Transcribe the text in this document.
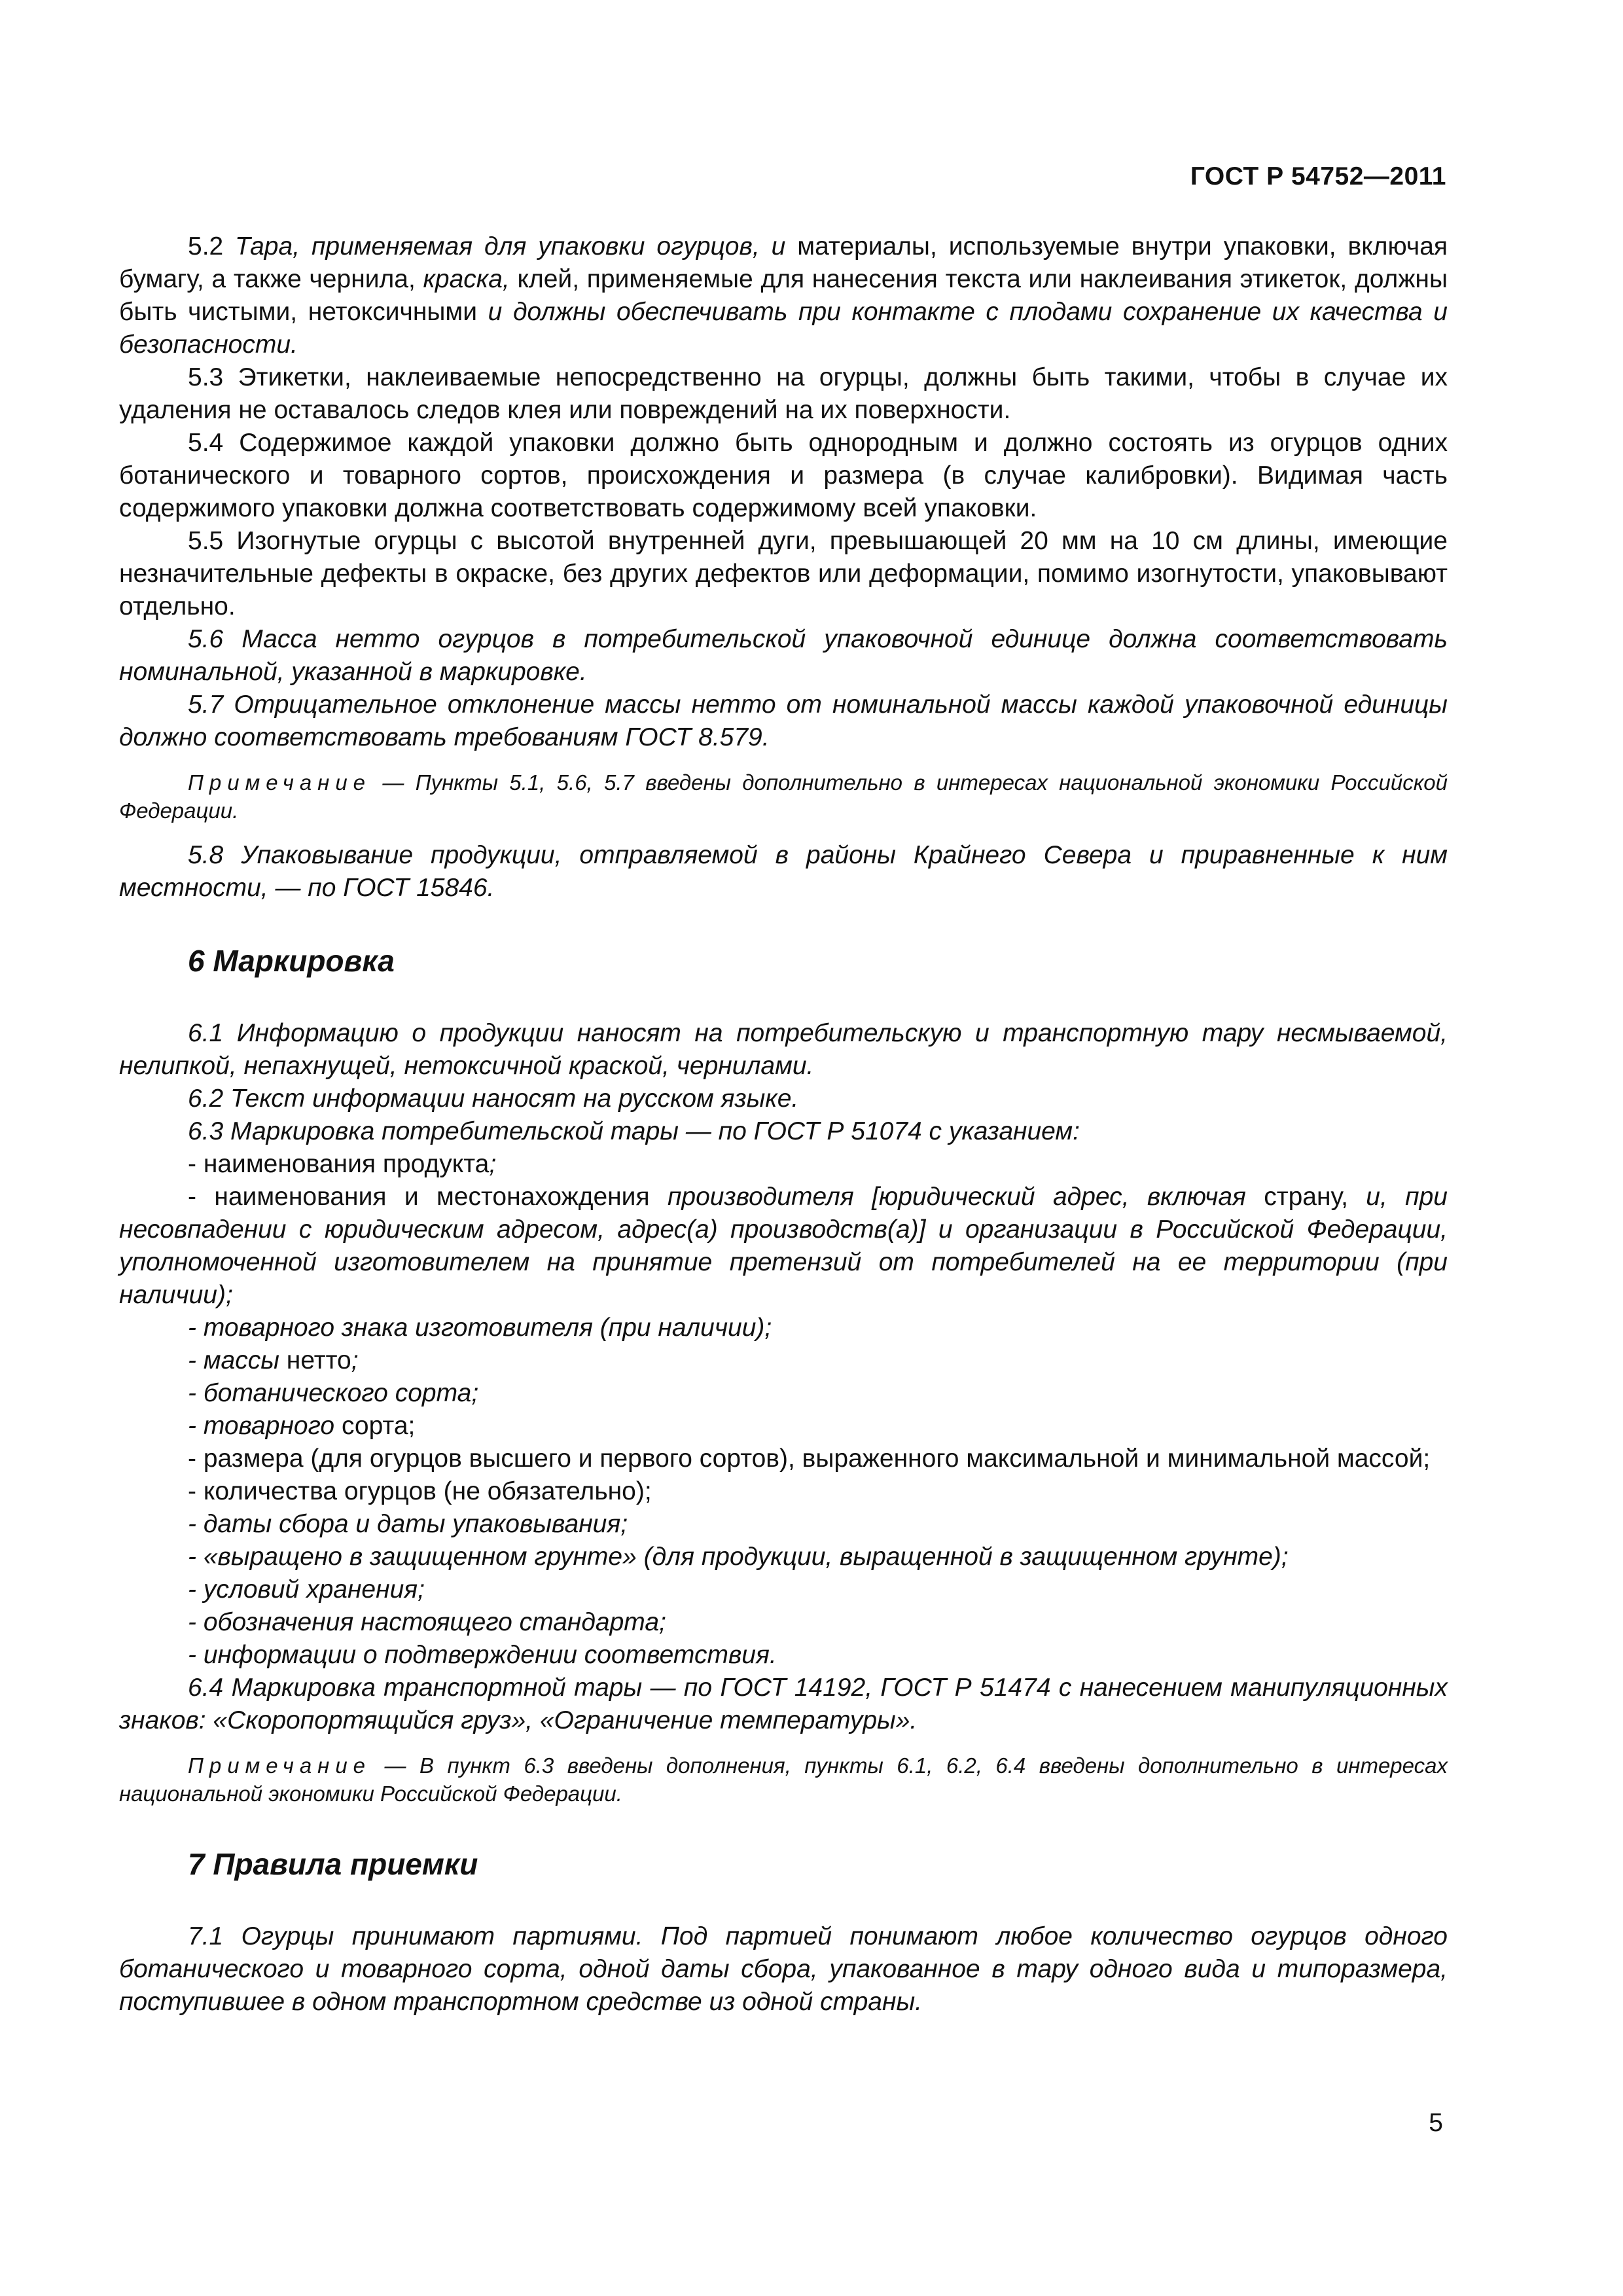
ГОСТ Р 54752—2011

5.2 Тара, применяемая для упаковки огурцов, и материалы, используемые внутри упаковки, включая бумагу, а также чернила, краска, клей, применяемые для нанесения текста или наклеивания этикеток, должны быть чистыми, нетоксичными и должны обеспечивать при контакте с плодами сохранение их качества и безопасности.

5.3 Этикетки, наклеиваемые непосредственно на огурцы, должны быть такими, чтобы в случае их удаления не оставалось следов клея или повреждений на их поверхности.

5.4 Содержимое каждой упаковки должно быть однородным и должно состоять из огурцов одних ботанического и товарного сортов, происхождения и размера (в случае калибровки). Видимая часть содержимого упаковки должна соответствовать содержимому всей упаковки.

5.5 Изогнутые огурцы с высотой внутренней дуги, превышающей 20 мм на 10 см длины, имеющие незначительные дефекты в окраске, без других дефектов или деформации, помимо изогнутости, упаковывают отдельно.

5.6 Масса нетто огурцов в потребительской упаковочной единице должна соответствовать номинальной, указанной в маркировке.

5.7 Отрицательное отклонение массы нетто от номинальной массы каждой упаковочной единицы должно соответствовать требованиям ГОСТ 8.579.

Примечание — Пункты 5.1, 5.6, 5.7 введены дополнительно в интересах национальной экономики Российской Федерации.

5.8 Упаковывание продукции, отправляемой в районы Крайнего Севера и приравненные к ним местности, — по ГОСТ 15846.

6 Маркировка

6.1 Информацию о продукции наносят на потребительскую и транспортную тару несмываемой, нелипкой, непахнущей, нетоксичной краской, чернилами.

6.2 Текст информации наносят на русском языке.

6.3 Маркировка потребительской тары — по ГОСТ Р 51074 с указанием:

- наименования продукта;

- наименования и местонахождения производителя [юридический адрес, включая страну, и, при несовпадении с юридическим адресом, адрес(а) производств(а)] и организации в Российской Федерации, уполномоченной изготовителем на принятие претензий от потребителей на ее территории (при наличии);

- товарного знака изготовителя (при наличии);

- массы нетто;

- ботанического сорта;

- товарного сорта;

- размера (для огурцов высшего и первого сортов), выраженного максимальной и минимальной массой;

- количества огурцов (не обязательно);

- даты сбора и даты упаковывания;

- «выращено в защищенном грунте» (для продукции, выращенной в защищенном грунте);

- условий хранения;

- обозначения настоящего стандарта;

- информации о подтверждении соответствия.

6.4 Маркировка транспортной тары — по ГОСТ 14192, ГОСТ Р 51474 с нанесением манипуляционных знаков: «Скоропортящийся груз», «Ограничение температуры».

Примечание — В пункт 6.3 введены дополнения, пункты 6.1, 6.2, 6.4 введены дополнительно в интересах национальной экономики Российской Федерации.

7 Правила приемки

7.1 Огурцы принимают партиями. Под партией понимают любое количество огурцов одного ботанического и товарного сорта, одной даты сбора, упакованное в тару одного вида и типоразмера, поступившее в одном транспортном средстве из одной страны.

5
